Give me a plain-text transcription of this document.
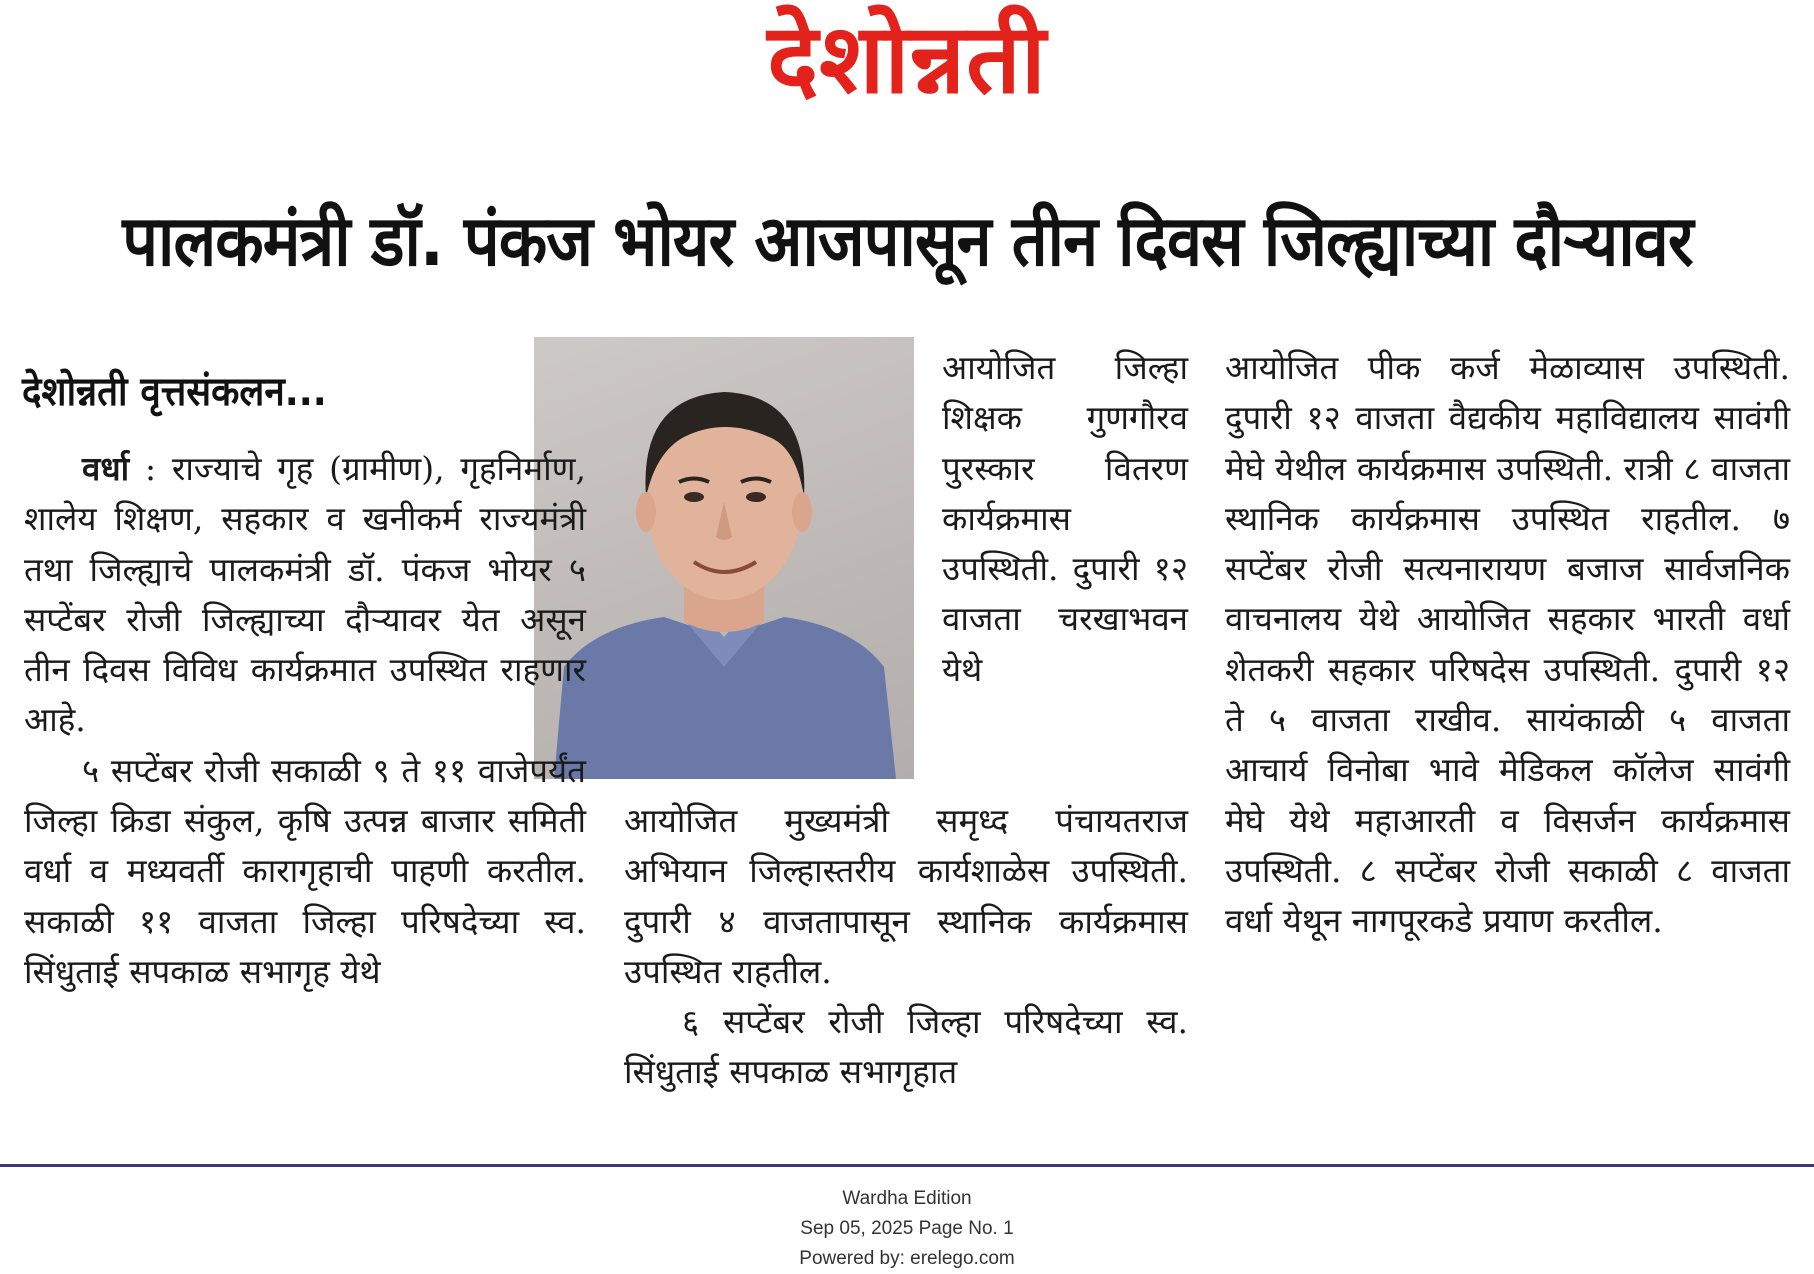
देशोन्नती
पालकमंत्री डॉ. पंकज भोयर आजपासून तीन दिवस जिल्ह्याच्या दौऱ्यावर
देशोन्नती वृत्तसंकलन...

वर्धा : राज्याचे गृह (ग्रामीण), गृहनिर्माण, शालेय शिक्षण, सहकार व खनीकर्म राज्यमंत्री तथा जिल्ह्याचे पालकमंत्री डॉ. पंकज भोयर ५ सप्टेंबर रोजी जिल्ह्याच्या दौऱ्यावर येत असून तीन दिवस विविध कार्यक्रमात उपस्थित राहणार आहे.

५ सप्टेंबर रोजी सकाळी ९ ते ११ वाजेपर्यंत जिल्हा क्रिडा संकुल, कृषि उत्पन्न बाजार समिती वर्धा व मध्यवर्ती कारागृहाची पाहणी करतील. सकाळी ११ वाजता जिल्हा परिषदेच्या स्व. सिंधुताई सपकाळ सभागृह येथे

आयोजित जिल्हा शिक्षक गुणगौरव पुरस्कार वितरण कार्यक्रमास उपस्थिती. दुपारी १२ वाजता चरखाभवन येथे

आयोजित मुख्यमंत्री समृध्द पंचायतराज अभियान जिल्हास्तरीय कार्यशाळेस उपस्थिती. दुपारी ४ वाजतापासून स्थानिक कार्यक्रमास उपस्थित राहतील.

६ सप्टेंबर रोजी जिल्हा परिषदेच्या स्व. सिंधुताई सपकाळ सभागृहात

आयोजित पीक कर्ज मेळाव्यास उपस्थिती. दुपारी १२ वाजता वैद्यकीय महाविद्यालय सावंगी मेघे येथील कार्यक्रमास उपस्थिती. रात्री ८ वाजता स्थानिक कार्यक्रमास उपस्थित राहतील. ७ सप्टेंबर रोजी सत्यनारायण बजाज सार्वजनिक वाचनालय येथे आयोजित सहकार भारती वर्धा शेतकरी सहकार परिषदेस उपस्थिती. दुपारी १२ ते ५ वाजता राखीव. सायंकाळी ५ वाजता आचार्य विनोबा भावे मेडिकल कॉलेज सावंगी मेघे येथे महाआरती व विसर्जन कार्यक्रमास उपस्थिती. ८ सप्टेंबर रोजी सकाळी ८ वाजता वर्धा येथून नागपूरकडे प्रयाण करतील.

Wardha Edition
Sep 05, 2025 Page No. 1
Powered by: erelego.com
